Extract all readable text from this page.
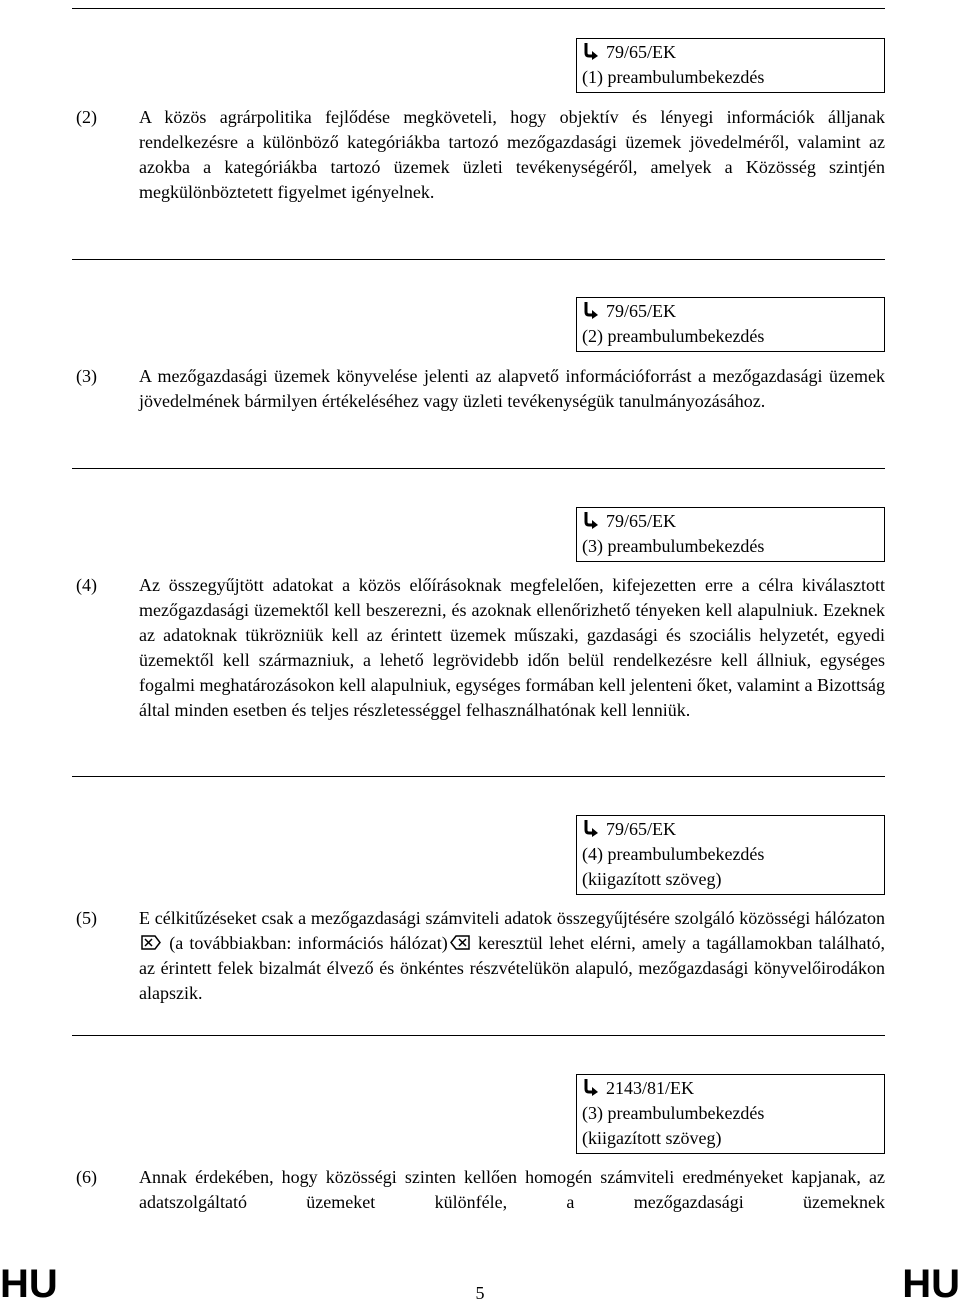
79/65/EK
(1) preambulumbekezdés
(2) A közös agrárpolitika fejlődése megköveteli, hogy objektív és lényegi információk álljanak rendelkezésre a különböző kategóriákba tartozó mezőgazdasági üzemek jövedelméről, valamint az azokba a kategóriákba tartozó üzemek üzleti tevékenységéről, amelyek a Közösség szintjén megkülönböztetett figyelmet igényelnek.
79/65/EK
(2) preambulumbekezdés
(3) A mezőgazdasági üzemek könyvelése jelenti az alapvető információforrást a mezőgazdasági üzemek jövedelmének bármilyen értékeléséhez vagy üzleti tevékenységük tanulmányozásához.
79/65/EK
(3) preambulumbekezdés
(4) Az összegyűjtött adatokat a közös előírásoknak megfelelően, kifejezetten erre a célra kiválasztott mezőgazdasági üzemektől kell beszerezni, és azoknak ellenőrizhető tényeken kell alapulniuk. Ezeknek az adatoknak tükrözniük kell az érintett üzemek műszaki, gazdasági és szociális helyzetét, egyedi üzemektől kell származniuk, a lehető legrövidebb időn belül rendelkezésre kell állniuk, egységes fogalmi meghatározásokon kell alapulniuk, egységes formában kell jelenteni őket, valamint a Bizottság által minden esetben és teljes részletességgel felhasználhatónak kell lenniük.
79/65/EK
(4) preambulumbekezdés
(kiigazított szöveg)
(5) E célkitűzéseket csak a mezőgazdasági számviteli adatok összegyűjtésére szolgáló közösségi hálózaton  (a továbbiakban: információs hálózat) keresztül lehet elérni, amely a tagállamokban található, az érintett felek bizalmát élvező és önkéntes részvételükön alapuló, mezőgazdasági könyvelőirodákon alapszik.
2143/81/EK
(3) preambulumbekezdés
(kiigazított szöveg)
(6) Annak érdekében, hogy közösségi szinten kellően homogén számviteli eredményeket kapjanak, az adatszolgáltató üzemeket különféle, a mezőgazdasági üzemeknek
HU	5	HU
